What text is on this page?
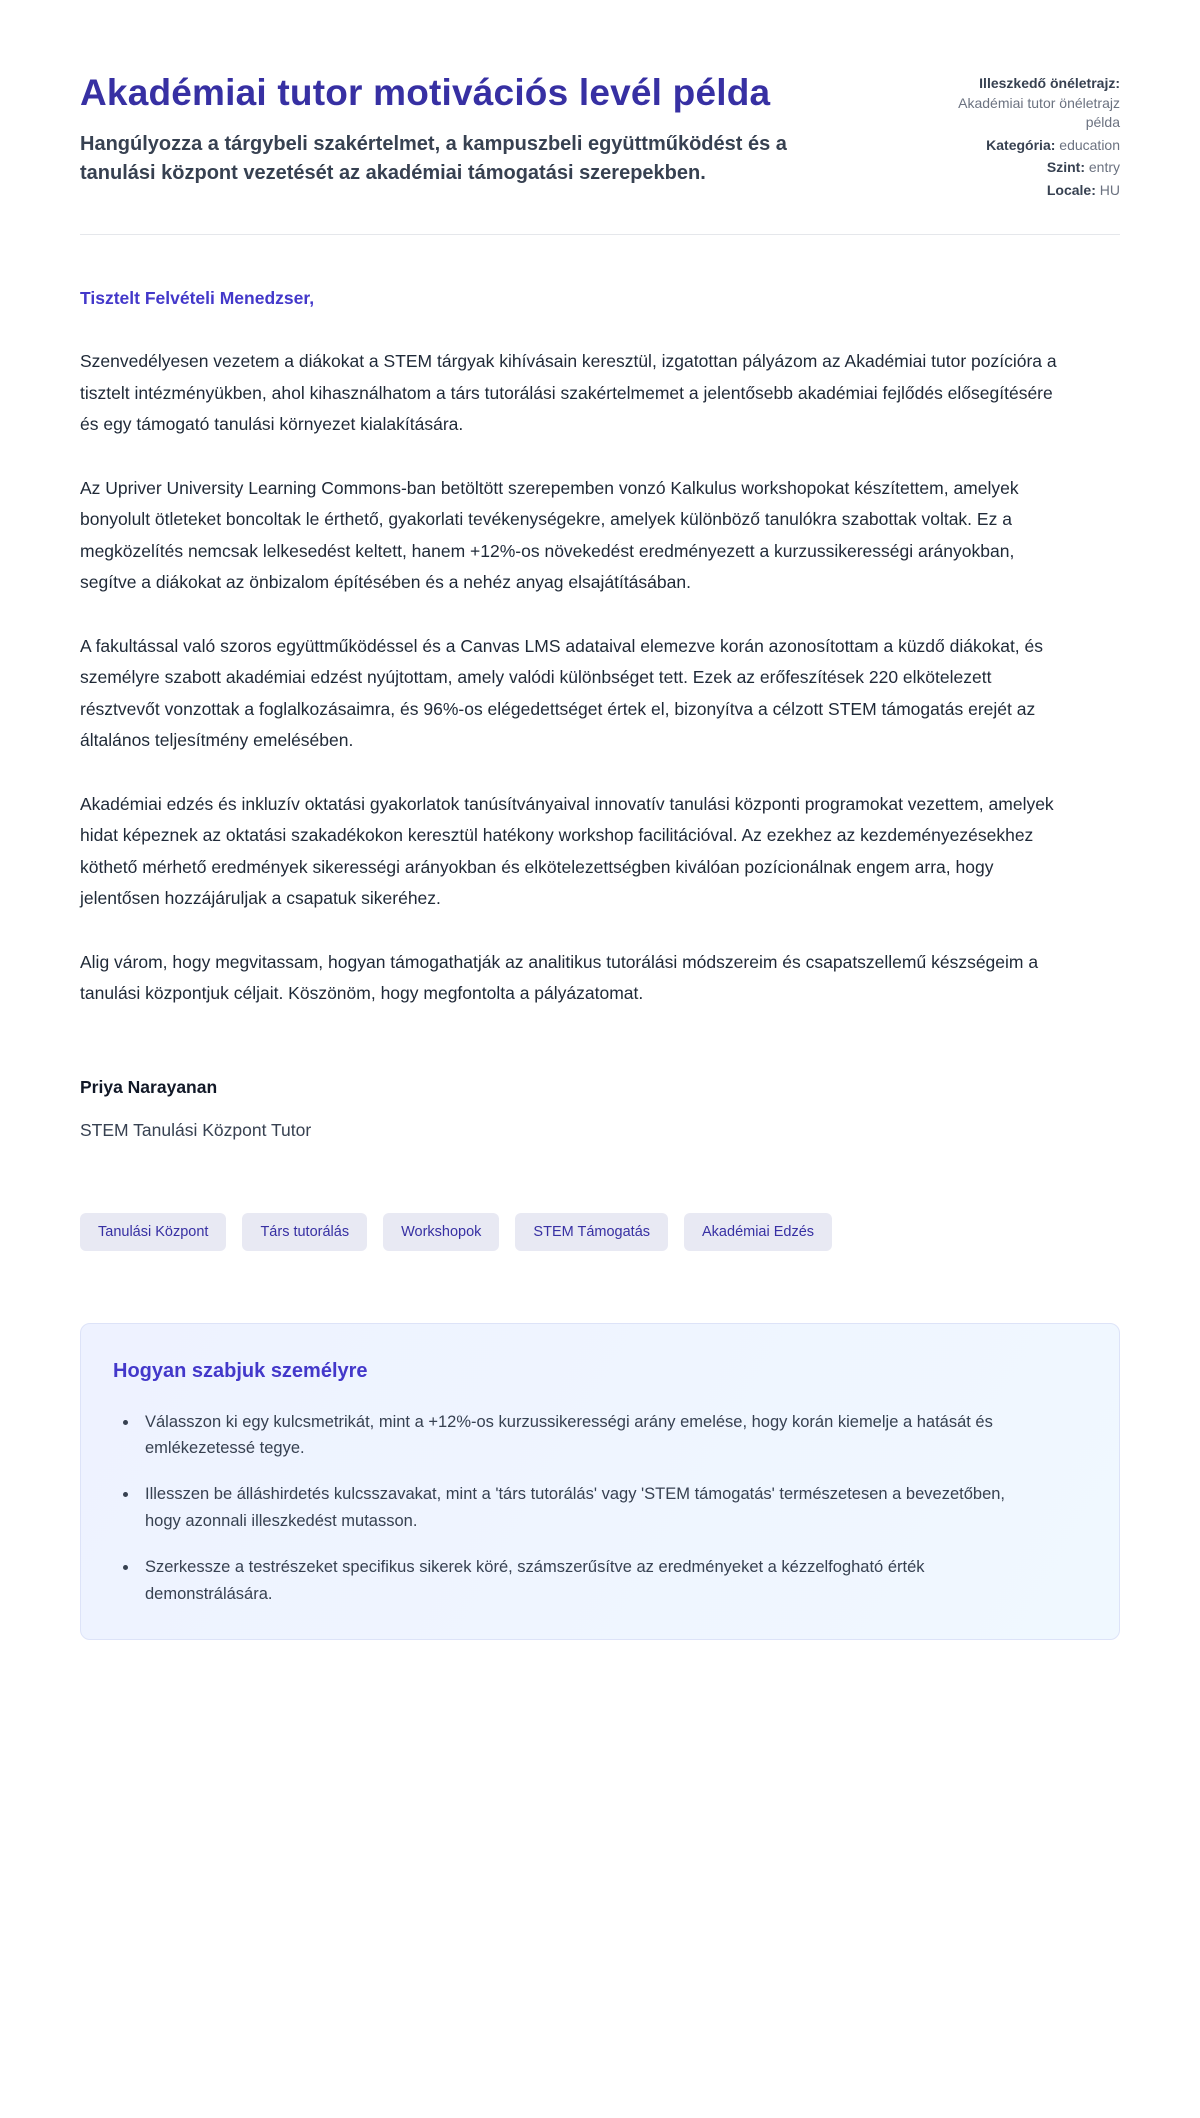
Akadémiai tutor motivációs levél példa

Hangúlyozza a tárgybeli szakértelmet, a kampuszbeli együttműködést és a tanulási központ vezetését az akadémiai támogatási szerepekben.

Illeszkedő önéletrajz: Akadémiai tutor önéletrajz példa
Kategória: education
Szint: entry
Locale: HU

Tisztelt Felvételi Menedzser,

Szenvedélyesen vezetem a diákokat a STEM tárgyak kihívásain keresztül, izgatottan pályázom az Akadémiai tutor pozícióra a tisztelt intézményükben, ahol kihasználhatom a társ tutorálási szakértelmemet a jelentősebb akadémiai fejlődés elősegítésére és egy támogató tanulási környezet kialakítására.

Az Upriver University Learning Commons-ban betöltött szerepemben vonzó Kalkulus workshopokat készítettem, amelyek bonyolult ötleteket boncoltak le érthető, gyakorlati tevékenységekre, amelyek különböző tanulókra szabottak voltak. Ez a megközelítés nemcsak lelkesedést keltett, hanem +12%-os növekedést eredményezett a kurzussikerességi arányokban, segítve a diákokat az önbizalom építésében és a nehéz anyag elsajátításában.

A fakultással való szoros együttműködéssel és a Canvas LMS adataival elemezve korán azonosítottam a küzdő diákokat, és személyre szabott akadémiai edzést nyújtottam, amely valódi különbséget tett. Ezek az erőfeszítések 220 elkötelezett résztvevőt vonzottak a foglalkozásaimra, és 96%-os elégedettséget értek el, bizonyítva a célzott STEM támogatás erejét az általános teljesítmény emelésében.

Akadémiai edzés és inkluzív oktatási gyakorlatok tanúsítványaival innovatív tanulási központi programokat vezettem, amelyek hidat képeznek az oktatási szakadékokon keresztül hatékony workshop facilitációval. Az ezekhez az kezdeményezésekhez köthető mérhető eredmények sikerességi arányokban és elkötelezettségben kiválóan pozícionálnak engem arra, hogy jelentősen hozzájáruljak a csapatuk sikeréhez.

Alig várom, hogy megvitassam, hogyan támogathatják az analitikus tutorálási módszereim és csapatszellemű készségeim a tanulási központjuk céljait. Köszönöm, hogy megfontolta a pályázatomat.

Priya Narayanan

STEM Tanulási Központ Tutor

Tanulási Központ	Társ tutorálás	Workshopok	STEM Támogatás	Akadémiai Edzés
Hogyan szabjuk személyre
• Válasszon ki egy kulcsmetrikát, mint a +12%-os kurzussikerességi arány emelése, hogy korán kiemelje a hatását és emlékezetessé tegye.
• Illesszen be álláshirdetés kulcsszavakat, mint a 'társ tutorálás' vagy 'STEM támogatás' természetesen a bevezetőben, hogy azonnali illeszkedést mutasson.
• Szerkessze a testrészeket specifikus sikerek köré, számszerűsítve az eredményeket a kézzelfogható érték demonstrálására.
